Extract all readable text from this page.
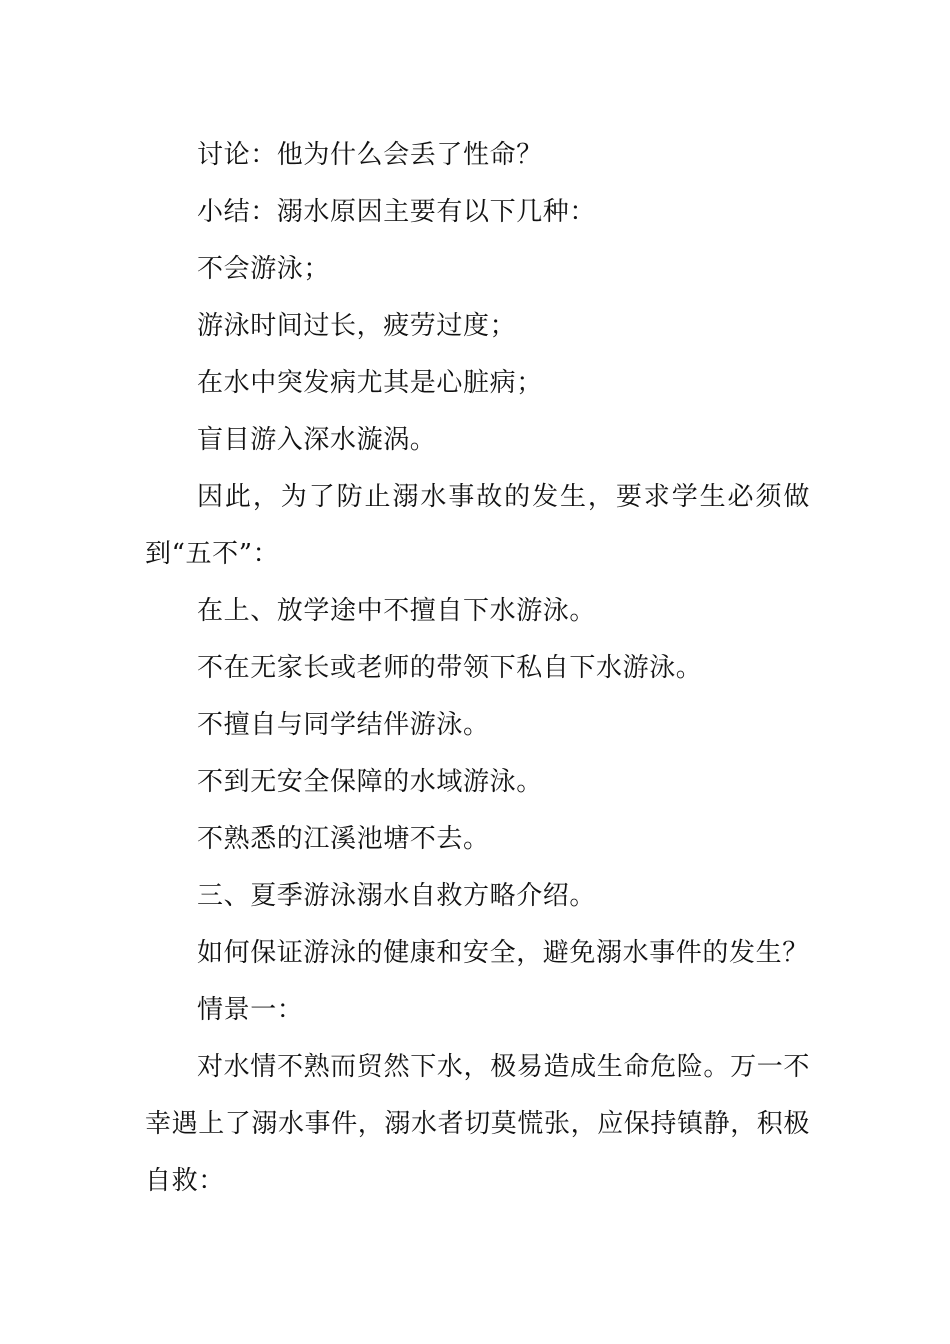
讨论：他为什么会丢了性命？

小结：溺水原因主要有以下几种：

不会游泳；

游泳时间过长，疲劳过度；

在水中突发病尤其是心脏病；

盲目游入深水漩涡。

因此，为了防止溺水事故的发生，要求学生必须做到“五不”：

在上、放学途中不擅自下水游泳。

不在无家长或老师的带领下私自下水游泳。

不擅自与同学结伴游泳。

不到无安全保障的水域游泳。

不熟悉的江溪池塘不去。

三、夏季游泳溺水自救方略介绍。

如何保证游泳的健康和安全，避免溺水事件的发生？

情景一：

对水情不熟而贸然下水，极易造成生命危险。万一不幸遇上了溺水事件，溺水者切莫慌张，应保持镇静，积极自救：
